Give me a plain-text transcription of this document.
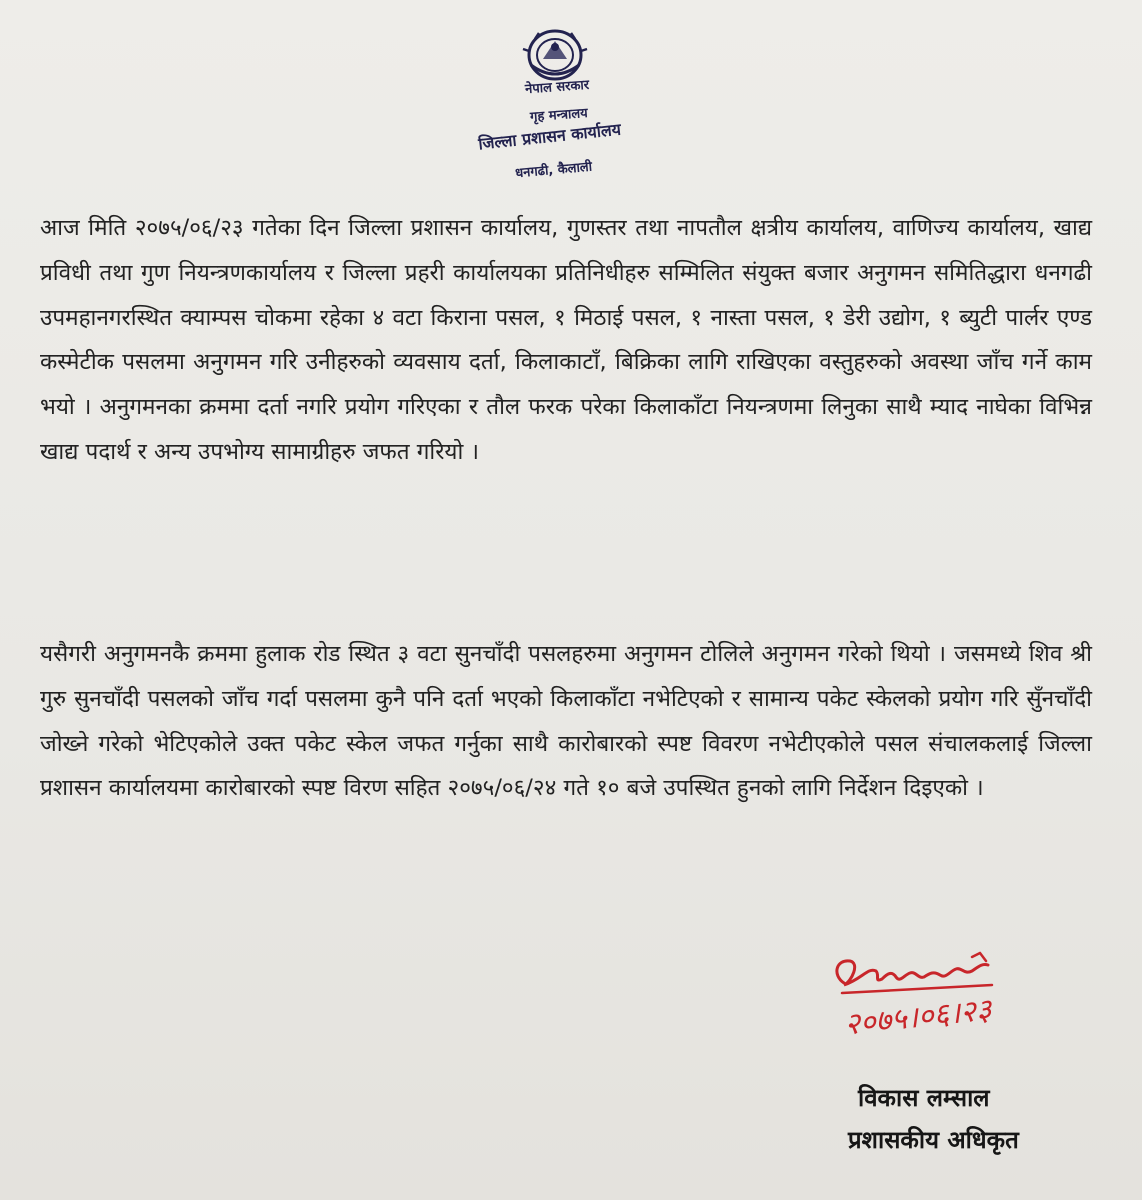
नेपाल सरकार
गृह मन्त्रालय
जिल्ला प्रशासन कार्यालय
धनगढी, कैलाली
आज मिति २०७५/०६/२३ गतेका दिन जिल्ला प्रशासन कार्यालय, गुणस्तर तथा नापतौल क्षत्रीय कार्यालय, वाणिज्य कार्यालय, खाद्य प्रविधी तथा गुण नियन्त्रणकार्यालय र जिल्ला प्रहरी कार्यालयका प्रतिनिधीहरु सम्मिलित संयुक्त बजार अनुगमन समितिद्धारा धनगढी उपमहानगरस्थित क्याम्पस चोकमा रहेका ४ वटा किराना पसल, १ मिठाई पसल, १ नास्ता पसल, १ डेरी उद्योग, १ ब्युटी पार्लर एण्ड कस्मेटीक पसलमा अनुगमन गरि उनीहरुको व्यवसाय दर्ता, किलाकाटाँ, बिक्रिका लागि राखिएका वस्तुहरुको अवस्था जाँच गर्ने काम भयो । अनुगमनका क्रममा दर्ता नगरि प्रयोग गरिएका र तौल फरक परेका किलाकाँटा नियन्त्रणमा लिनुका साथै म्याद नाघेका विभिन्न खाद्य पदार्थ र अन्य उपभोग्य सामाग्रीहरु जफत गरियो ।
यसैगरी अनुगमनकै क्रममा हुलाक रोड स्थित ३ वटा सुनचाँदी पसलहरुमा अनुगमन टोलिले अनुगमन गरेको थियो । जसमध्ये शिव श्री गुरु सुनचाँदी पसलको जाँच गर्दा पसलमा कुनै पनि दर्ता भएको किलाकाँटा नभेटिएको र सामान्य पकेट स्केलको प्रयोग गरि सुँनचाँदी जोख्ने गरेको भेटिएकोले उक्त पकेट स्केल जफत गर्नुका साथै कारोबारको स्पष्ट विवरण नभेटीएकोले पसल संचालकलाई जिल्ला प्रशासन कार्यालयमा कारोबारको स्पष्ट विरण सहित २०७५/०६/२४ गते १० बजे उपस्थित हुनको लागि निर्देशन दिइएको ।
२०७५।०६।२३
विकास लम्साल
प्रशासकीय अधिकृत
